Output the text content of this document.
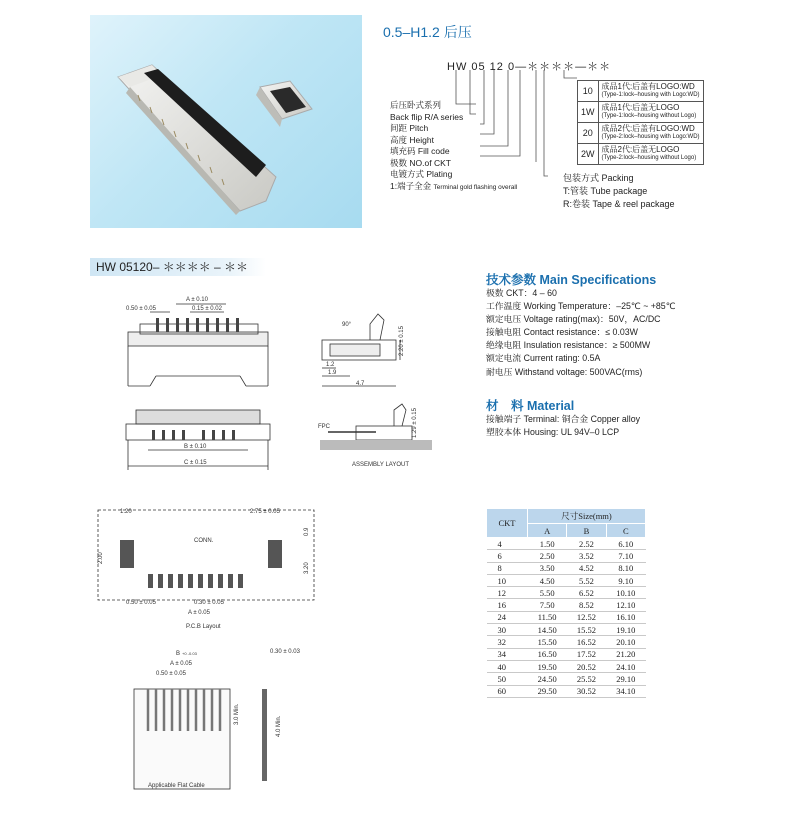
0.5–H1.2 后压
HW 05 12 0—＊＊＊＊—＊＊
后压卧式系列
Back flip R/A series
间距 Pitch
高度 Height
填充码 Fill code
极数 NO.of CKT
电镀方式 Plating
1:端子全金 Terminal gold flashing overall
10	成品1代:后盖有LOGO:WD
(Type-1:lock–housing with Logo:WD)

1W	成品1代:后盖无LOGO
(Type-1:lock–housing without Logo)

20	成品2代:后盖有LOGO:WD
(Type-2:lock–housing with Logo:WD)

2W	成品2代:后盖无LOGO
(Type-2:lock–housing without Logo)
包装方式 Packing
T:管装 Tube package
R:卷装 Tape & reel package
HW 05120– ＊＊＊＊ – ＊＊
A ± 0.10
0.50 ± 0.05	0.15 ± 0.02
B ± 0.10
C ± 0.15
90°
2.20 ± 0.15
1.2
1.9
4.7
FPC	1.29 ± 0.15
ASSEMBLY LAYOUT
1.20	2.75 ± 0.05
CONN.
0.9
2.00
3.20
0.50 ± 0.05	0.30 ± 0.05
A ± 0.05
P.C.B Layout
B +0 -0.03
A ± 0.05
0.50 ± 0.05
0.30 ± 0.03
3.0 Min.
4.0 Min.
Applicable Flat Cable
技术参数 Main Specifications
极数 CKT：4 – 60
工作温度 Working Temperature：–25℃ ~ +85℃
额定电压 Voltage rating(max)：50V，AC/DC
接触电阻 Contact resistance：≤ 0.03W
绝缘电阻 Insulation resistance：≥ 500MW
额定电流 Current rating: 0.5A
耐电压 Withstand voltage: 500VAC(rms)
材　料 Material
接触端子 Terminal: 铜合金 Copper alloy
塑胶本体 Housing: UL 94V–0 LCP
CKT	尺寸Size(mm)		
	A	B	C
4	1.50	2.52	6.10
6	2.50	3.52	7.10
8	3.50	4.52	8.10
10	4.50	5.52	9.10
12	5.50	6.52	10.10
16	7.50	8.52	12.10
24	11.50	12.52	16.10
30	14.50	15.52	19.10
32	15.50	16.52	20.10
34	16.50	17.52	21.20
40	19.50	20.52	24.10
50	24.50	25.52	29.10
60	29.50	30.52	34.10
